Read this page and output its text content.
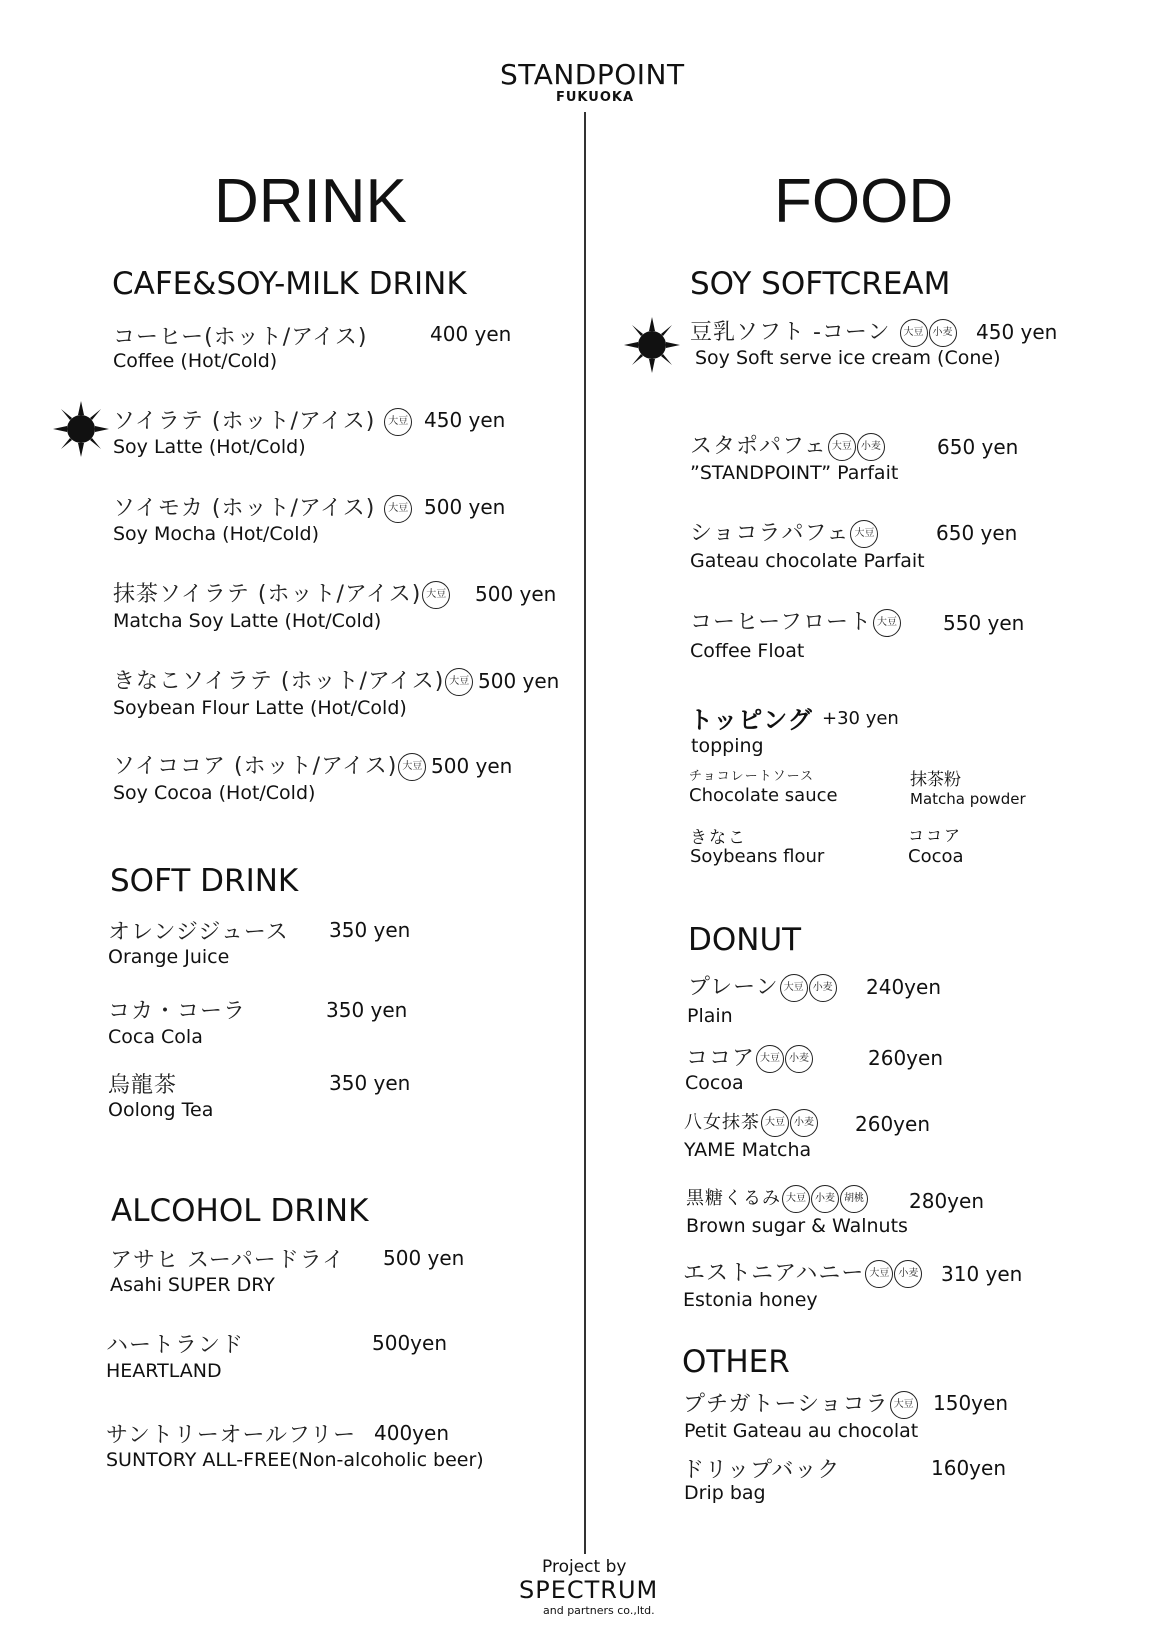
STANDPOINT
FUKUOKA
DRINK	FOOD
CAFE&SOY-MILK DRINK
コーヒー(ホット/アイス)	400 yen
Coffee (Hot/Cold)
ソイラテ (ホット/アイス) 大豆 450 yen
Soy Latte (Hot/Cold)
ソイモカ (ホット/アイス) 大豆 500 yen
Soy Mocha (Hot/Cold)
抹茶ソイラテ (ホット/アイス) 大豆 500 yen
Matcha Soy Latte (Hot/Cold)
きなこソイラテ (ホット/アイス) 大豆 500 yen
Soybean Flour Latte (Hot/Cold)
ソイココア (ホット/アイス) 大豆 500 yen
Soy Cocoa (Hot/Cold)
SOFT DRINK
オレンジジュース 350 yen
Orange Juice
コカ・コーラ	350 yen
Coca Cola
烏龍茶	350 yen
Oolong Tea
ALCOHOL DRINK
アサヒ スーパードライ 500 yen
Asahi SUPER DRY
ハートランド	500yen
HEARTLAND
サントリーオールフリー 400yen
SUNTORY ALL-FREE(Non-alcoholic beer)
SOY SOFTCREAM
豆乳ソフト -コーン 大豆 小麦 450 yen
Soy Soft serve ice cream (Cone)
スタポパフェ 大豆 小麦	650 yen
”STANDPOINT” Parfait
ショコラパフェ 大豆	650 yen
Gateau chocolate Parfait
コーヒーフロート 大豆 550 yen
Coffee Float
トッピング +30 yen
topping
チョコレートソース
Chocolate sauce
抹茶粉
Matcha powder
きなこ
Soybeans flour
ココア
Cocoa
DONUT
プレーン 大豆 小麦 240yen
Plain
ココア 大豆 小麦	260yen
Cocoa
八女抹茶 大豆 小麦 260yen
YAME Matcha
黒糖くるみ 大豆 小麦 胡桃 280yen
Brown sugar & Walnuts
エストニアハニー 大豆 小麦 310 yen
Estonia honey
OTHER
プチガトーショコラ 大豆 150yen
Petit Gateau au chocolat
ドリップバック	160yen
Drip bag
Project by
SPECTRUM
and partners co.,ltd.
